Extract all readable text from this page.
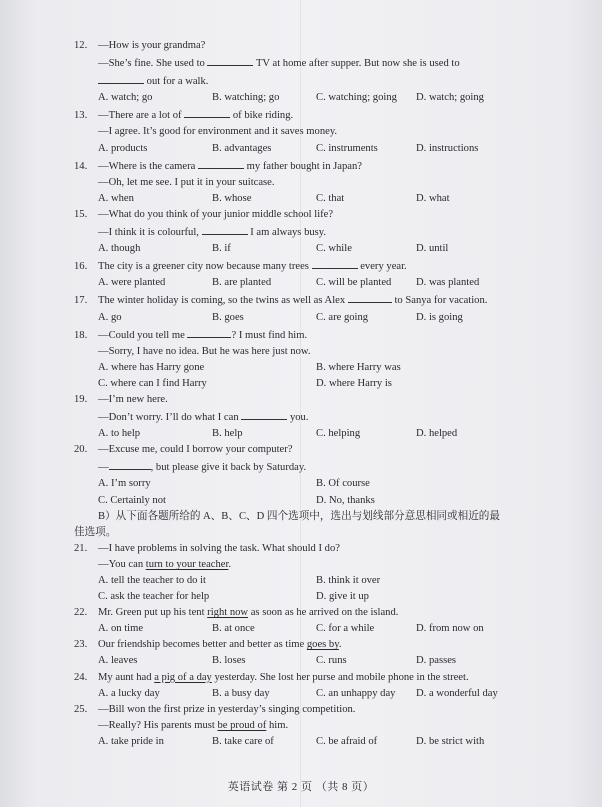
12. —How is your grandma?
—She’s fine. She used to	TV at home after supper. But now she is used to
out for a walk.
A. watch; go	B. watching; go	C. watching; going	D. watch; going
13. —There are a lot of	of bike riding.
—I agree. It’s good for environment and it saves money.
A. products	B. advantages	C. instruments	D. instructions
14. —Where is the camera	my father bought in Japan?
—Oh, let me see. I put it in your suitcase.
A. when	B. whose	C. that	D. what
15. —What do you think of your junior middle school life?
—I think it is colourful,	I am always busy.
A. though	B. if	C. while	D. until
16. The city is a greener city now because many trees	every year.
A. were planted	B. are planted	C. will be planted	D. was planted
17. The winter holiday is coming, so the twins as well as Alex	to Sanya for vacation.
A. go	B. goes	C. are going	D. is going
18. —Could you tell me	? I must find him.
—Sorry, I have no idea. But he was here just now.
A. where has Harry gone	B. where Harry was
C. where can I find Harry	D. where Harry is
19. —I’m new here.
—Don’t worry. I’ll do what I can	you.
A. to help	B. help	C. helping	D. helped
20. —Excuse me, could I borrow your computer?
—	, but please give it back by Saturday.
A. I’m sorry	B. Of course
C. Certainly not	D. No, thanks
B）从下面各题所给的 A、B、C、D 四个选项中，选出与划线部分意思相同或相近的最
佳选项。
21. —I have problems in solving the task. What should I do?
—You can turn to your teacher.
A. tell the teacher to do it	B. think it over
C. ask the teacher for help	D. give it up
22. Mr. Green put up his tent right now as soon as he arrived on the island.
A. on time	B. at once	C. for a while	D. from now on
23. Our friendship becomes better and better as time goes by.
A. leaves	B. loses	C. runs	D. passes
24. My aunt had a pig of a day yesterday. She lost her purse and mobile phone in the street.
A. a lucky day	B. a busy day	C. an unhappy day	D. a wonderful day
25. —Bill won the first prize in yesterday’s singing competition.
—Really? His parents must be proud of him.
A. take pride in	B. take care of	C. be afraid of	D. be strict with
英语试卷 第 2 页 （共 8 页）
